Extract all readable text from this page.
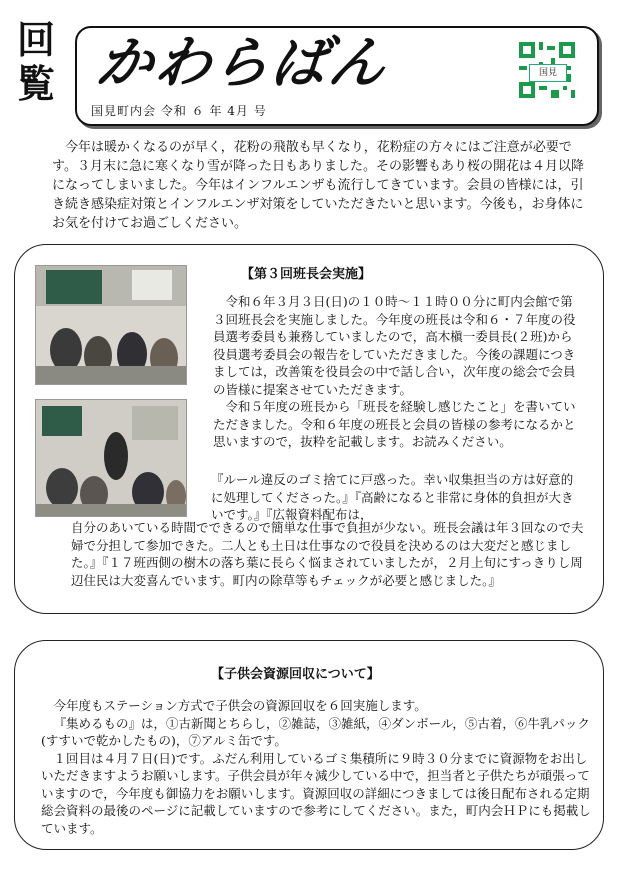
回
覧 かわらばん
国見町内会 令和 ６ 年 4月 号
国見
今年は暖かくなるのが早く，花粉の飛散も早くなり，花粉症の方々にはご注意が必要です。３月末に急に寒くなり雪が降った日もありました。その影響もあり桜の開花は４月以降になってしまいました。今年はインフルエンザも流行してきています。会員の皆様には，引き続き感染症対策とインフルエンザ対策をしていただきたいと思います。今後も，お身体にお気を付けてお過ごしください。
【第３回班長会実施】

令和６年３月３日(日)の１０時～１１時００分に町内会館で第３回班長会を実施しました。今年度の班長は令和６・７年度の役員選考委員も兼務していましたので，高木槇一委員長(２班)から役員選考委員会の報告をしていただきました。今後の課題につきましては，改善策を役員会の中で話し合い，次年度の総会で会員の皆様に提案させていただきます。

令和５年度の班長から「班長を経験し感じたこと」を書いていただきました。令和６年度の班長と会員の皆様の参考になるかと思いますので，抜粋を記載します。お読みください。

『ルール違反のゴミ捨てに戸惑った。幸い収集担当の方は好意的に処理してくださった。』『高齢になると非常に身体的負担が大きいです。』『広報資料配布は，
自分のあいている時間でできるので簡単な仕事で負担が少ない。班長会議は年３回なので夫婦で分担して参加できた。二人とも土日は仕事なので役員を決めるのは大変だと感じました。』『１７班西側の樹木の落ち葉に長らく悩まされていましたが，２月上旬にすっきりし周辺住民は大変喜んでいます。町内の除草等もチェックが必要と感じました。』
【子供会資源回収について】

今年度もステーション方式で子供会の資源回収を６回実施します。

『集めるもの』は，①古新聞とちらし，②雑誌，③雑紙，④ダンボール，⑤古着，⑥牛乳パック(すすいで乾かしたもの)，⑦アルミ缶です。

１回目は４月７日(日)です。ふだん利用しているゴミ集積所に９時３０分までに資源物をお出しいただきますようお願いします。子供会員が年々減少している中で，担当者と子供たちが頑張っていますので，今年度も御協力をお願いします。資源回収の詳細につきましては後日配布される定期総会資料の最後のページに記載していますので参考にしてください。また，町内会ＨＰにも掲載しています。
